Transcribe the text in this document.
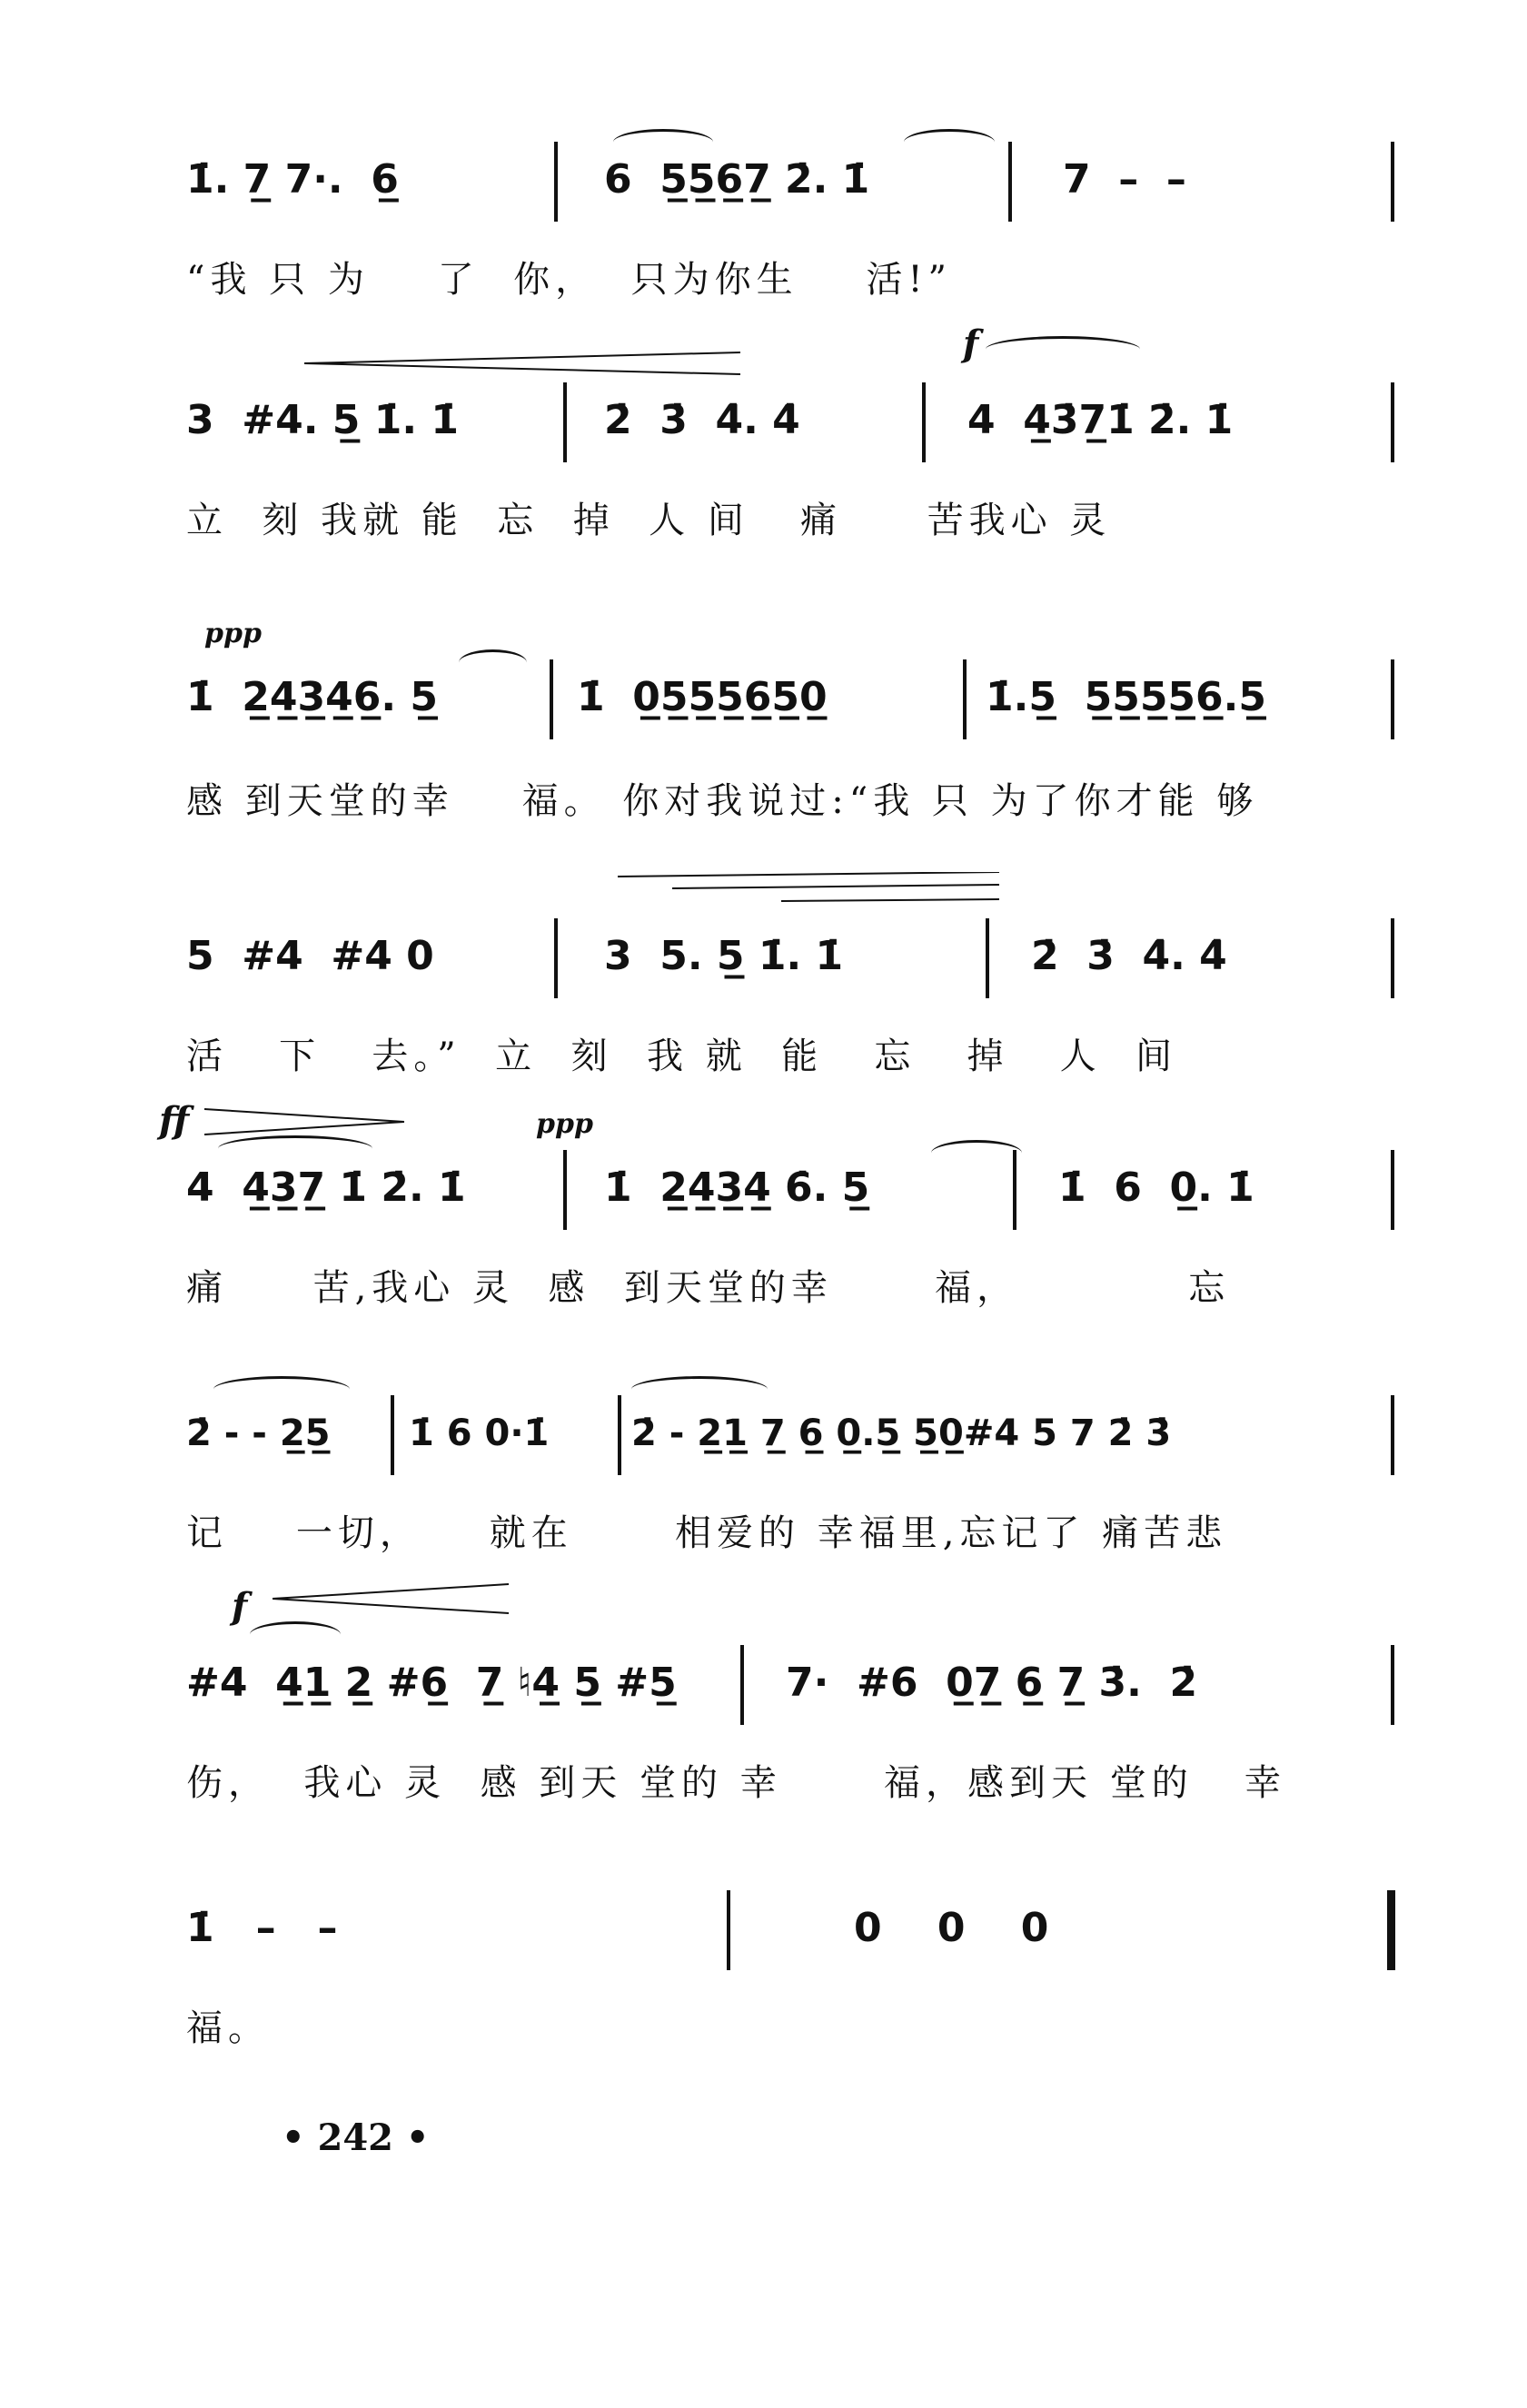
1̇. 7̲ 7·.  6̲

	6  5̲5̲6̲7̲ 2̇. 1̇

	7  –  –

“我 只 为    了  你，  只为你生    活!”
f

3  #4. 5̲ 1̇. 1̇

	2̇  3̇  4̇. 4̇

	4  4̲3̇7̲1̇ 2̇. 1̇

立  刻 我就 能  忘  掉  人 间   痛     苦我心 灵
ppp

1̇  2̲4̲3̲4̲6̲. 5̲

	1̇  0̲5̲5̲5̲6̲5̲0̲

	1̇.5̲  5̲5̲5̲5̲6̲.5̲

感 到天堂的幸    福。 你对我说过:“我 只 为了你才能 够

5  #4  #4 0

	3  5. 5̲ 1̇. 1̇

	2̇  3̇  4̇. 4̇

活   下   去。”  立  刻  我 就  能   忘   掉   人  间
ff	ppp

4  4̲3̲7̲ 1̇ 2̇. 1̇

	1̇  2̲4̲3̲4̲ 6̇. 5̲

	1̇  6  0̲. 1̇

痛     苦,我心 灵  感  到天堂的幸      福，          忘

2̇ - - 2̲5̲

1̇ 6 0·1̇

2̇ - 2̲1̲ 7̲ 6̲ 0̲.5̲ 5̲0̲#4 5 7 2̇ 3̇

记    一切，    就在      相爱的 幸福里,忘记了 痛苦悲
f

#4  4̲1̲ 2̲ #6̲  7̲ ♮4̲ 5̲ #5̲

	7·  #6  0̲7̲ 6̲ 7̲ 3̇.  2̇

伤，  我心 灵  感 到天 堂的 幸      福，感到天 堂的   幸

1̇   –   –

	0    0    0

福。
• 242 •
